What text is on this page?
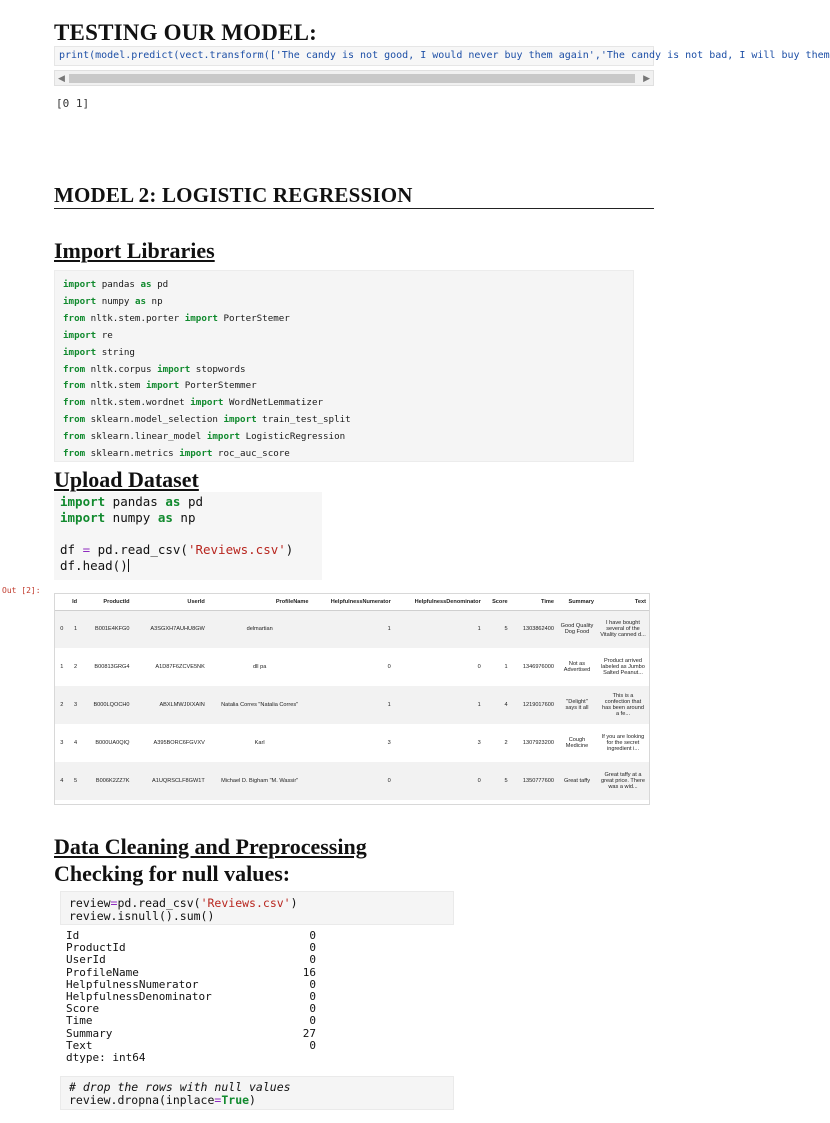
TESTING OUR MODEL:
print(model.predict(vect.transform(['The candy is not good, I would never buy them again','The candy is not bad, I will buy them
◀	▶
[0 1]
MODEL 2: LOGISTIC REGRESSION
Import Libraries
import pandas as pd
import numpy as np
from nltk.stem.porter import PorterStemer
import re
import string
from nltk.corpus import stopwords
from nltk.stem import PorterStemmer
from nltk.stem.wordnet import WordNetLemmatizer
from sklearn.model_selection import train_test_split
from sklearn.linear_model import LogisticRegression
from sklearn.metrics import roc_auc_score
Upload Dataset
import pandas as pd
import numpy as np
df = pd.read_csv('Reviews.csv')
df.head()
Out [2]:
	Id	ProductId	UserId	ProfileName	HelpfulnessNumerator	HelpfulnessDenominator	Score	Time	Summary	Text
0	1	B001E4KFG0	A3SGXH7AUHU8GW	delmartian	1	1	5	1303862400	Good Quality Dog Food	I have bought several of the Vitality canned d...
1	2	B00813GRG4	A1D87F6ZCVE5NK	dll pa	0	0	1	1346976000	Not as Advertised	Product arrived labeled as Jumbo Salted Peanut...
2	3	B000LQOCH0	ABXLMWJIXXAIN	Natalia Corres "Natalia Corres"	1	1	4	1219017600	"Delight" says it all	This is a confection that has been around a fe...
3	4	B000UA0QIQ	A395BORC6FGVXV	Karl	3	3	2	1307923200	Cough Medicine	If you are looking for the secret ingredient i...
4	5	B006K2ZZ7K	A1UQRSCLF8GW1T	Michael D. Bigham "M. Wassir"	0	0	5	1350777600	Great taffy	Great taffy at a great price. There was a wid...
Data Cleaning and Preprocessing
Checking for null values:
review=pd.read_csv('Reviews.csv')
review.isnull().sum()
Id	0
ProductId	0
UserId	0
ProfileName	16
HelpfulnessNumerator	0
HelpfulnessDenominator	0
Score	0
Time	0
Summary	27
Text	0
dtype: int64
# drop the rows with null values
review.dropna(inplace=True)
